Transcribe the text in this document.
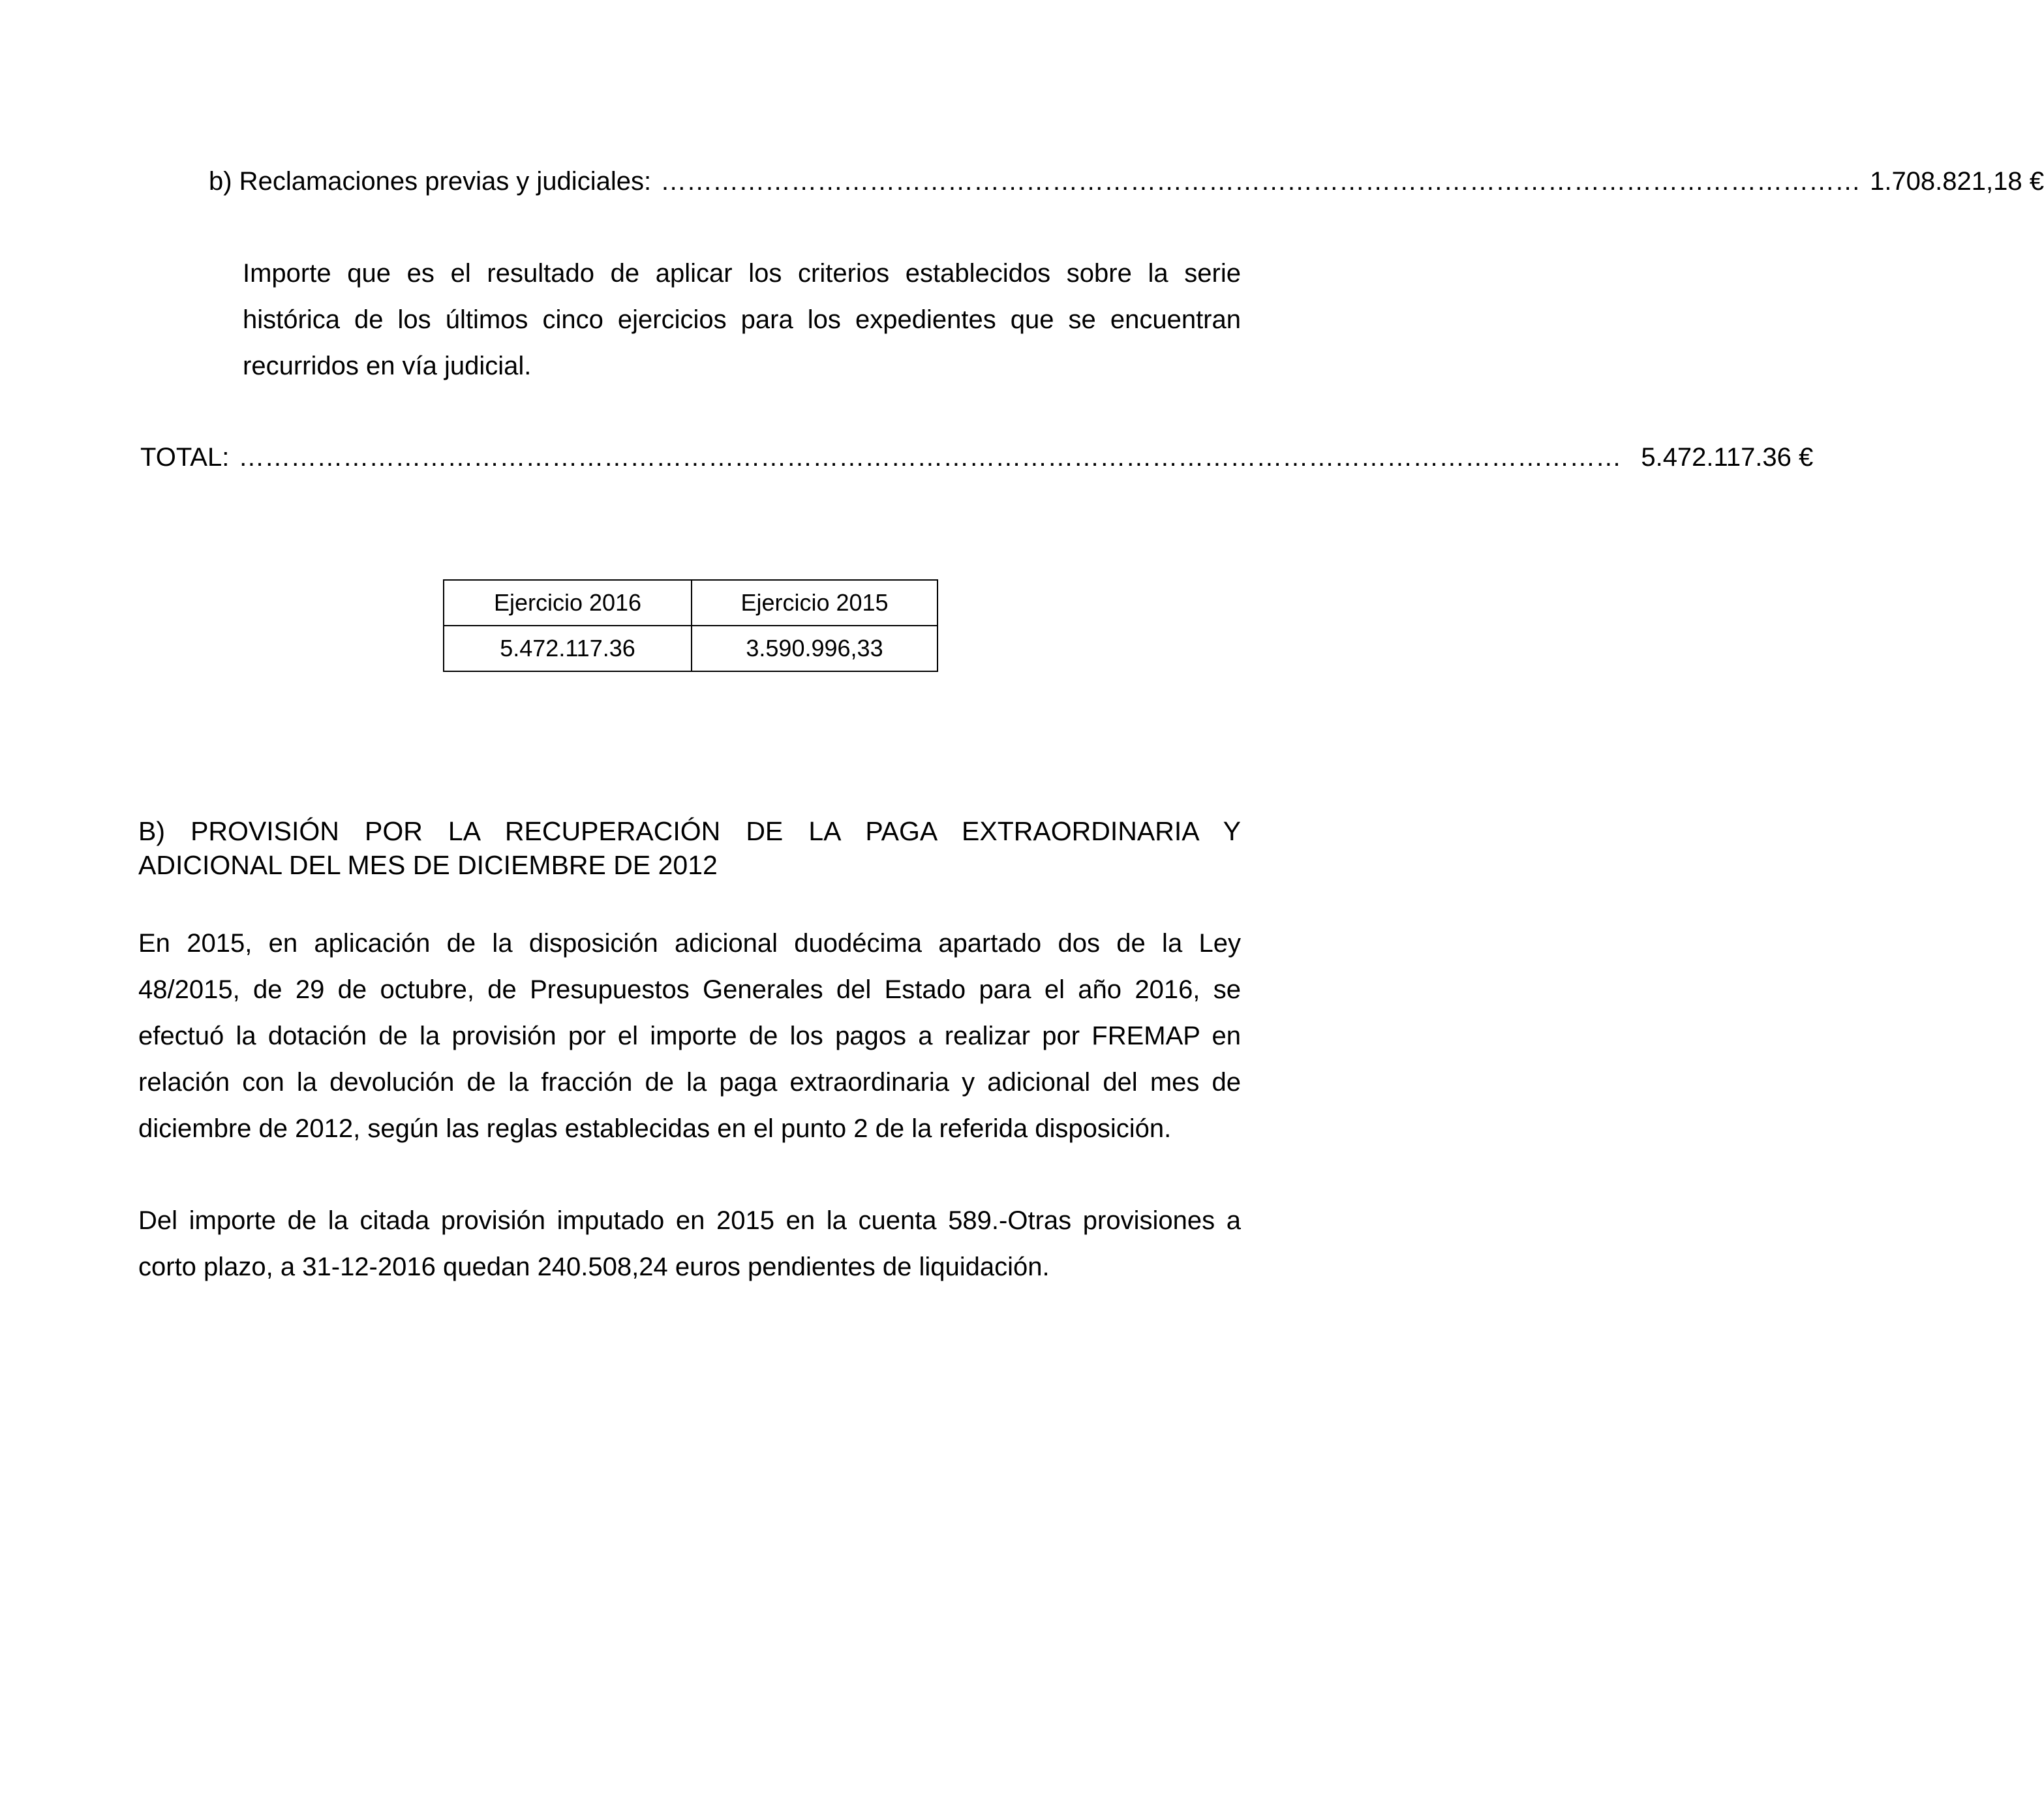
b) Reclamaciones previas y judiciales: ………………………………………………………………………………………………………………………… 1.708.821,18 €
Importe que es el resultado de aplicar los criterios establecidos sobre la serie
histórica de los últimos cinco ejercicios para los expedientes que se encuentran
recurridos en vía judicial.
TOTAL: …………………………………………………………………………………………………………………………………………… 5.472.117.36 €
Ejercicio 2016	Ejercicio 2015
5.472.117.36	3.590.996,33
B) PROVISIÓN POR LA RECUPERACIÓN DE LA PAGA EXTRAORDINARIA Y
ADICIONAL DEL MES DE DICIEMBRE DE 2012
En 2015, en aplicación de la disposición adicional duodécima apartado dos de la Ley
48/2015, de 29 de octubre, de Presupuestos Generales del Estado para el año 2016, se
efectuó la dotación de la provisión por el importe de los pagos a realizar por FREMAP en
relación con la devolución de la fracción de la paga extraordinaria y adicional del mes de
diciembre de 2012, según las reglas establecidas en el punto 2 de la referida disposición.
Del importe de la citada provisión imputado en 2015 en la cuenta 589.-Otras provisiones a
corto plazo, a 31-12-2016 quedan 240.508,24 euros pendientes de liquidación.
